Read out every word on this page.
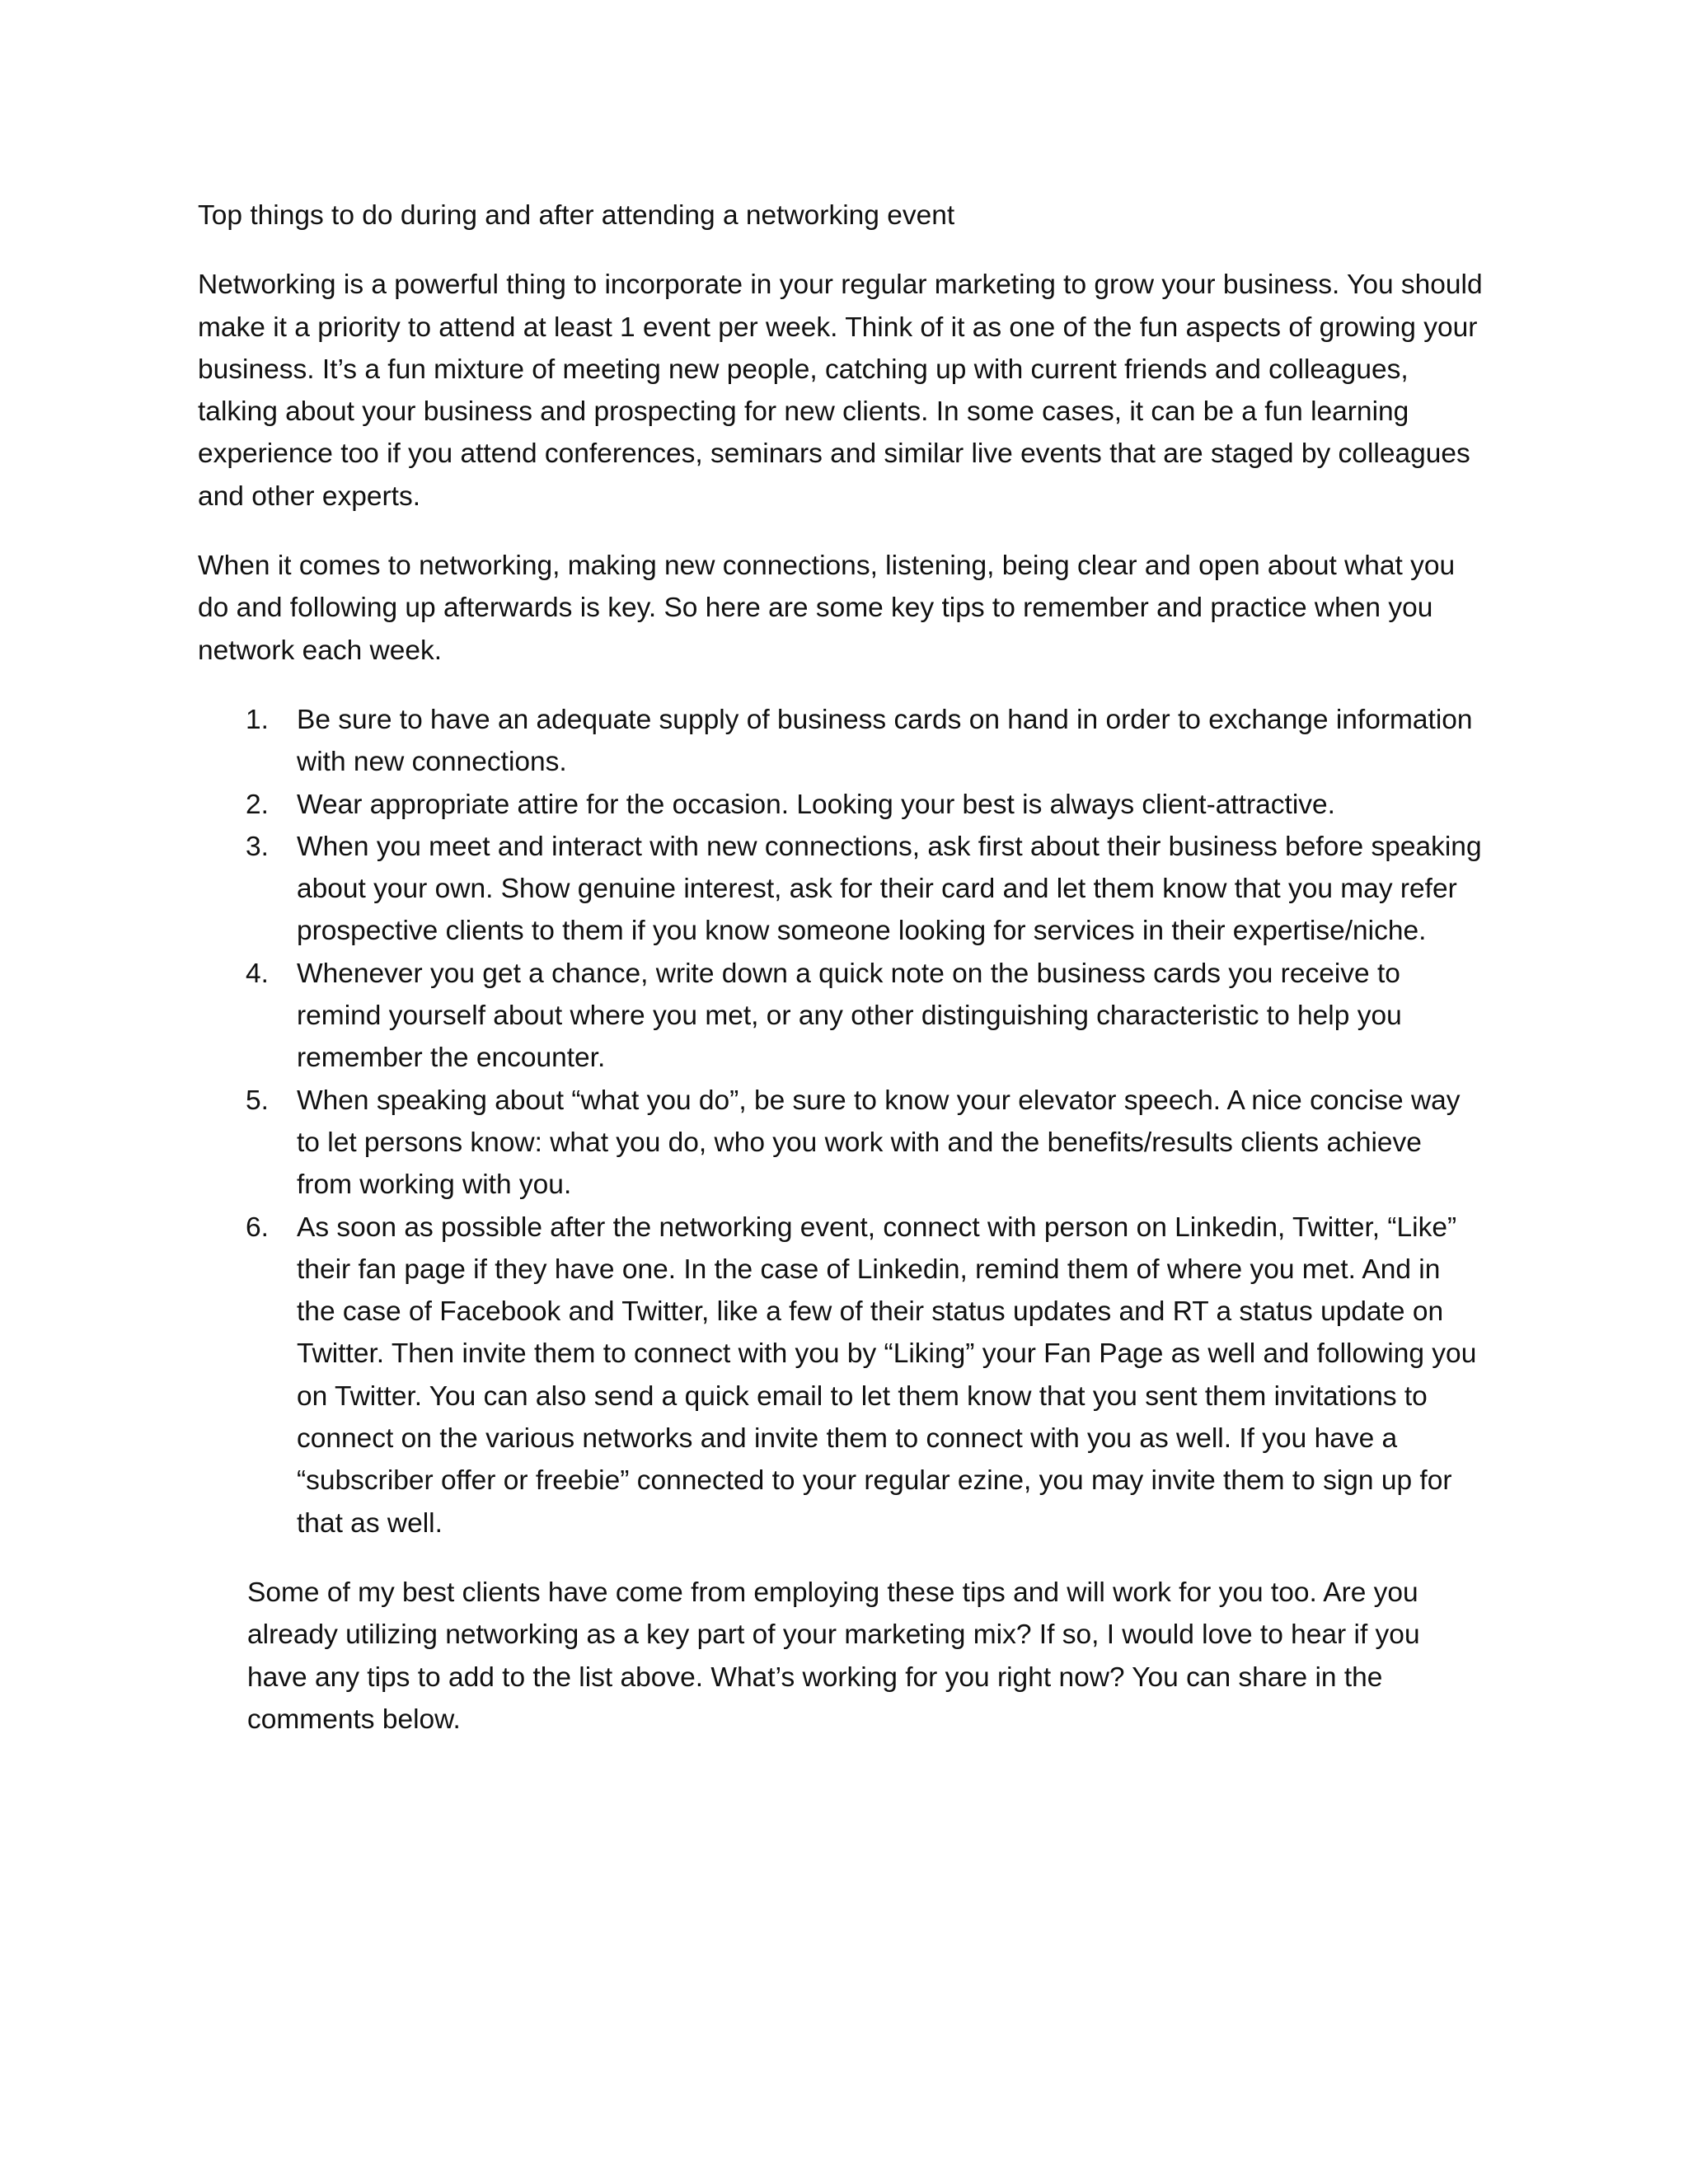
Top things to do during and after attending a networking event

Networking is a powerful thing to incorporate in your regular marketing to grow your business. You should make it a priority to attend at least 1 event per week. Think of it as one of the fun aspects of growing your business. It’s a fun mixture of meeting new people, catching up with current friends and colleagues, talking about your business and prospecting for new clients. In some cases, it can be a fun learning experience too if you attend conferences, seminars and similar live events that are staged by colleagues and other experts.

When it comes to networking, making new connections, listening, being clear and open about what you do and following up afterwards is key. So here are some key tips to remember and practice when you network each week.

1. Be sure to have an adequate supply of business cards on hand in order to exchange information with new connections.
2. Wear appropriate attire for the occasion. Looking your best is always client-attractive.
3. When you meet and interact with new connections, ask first about their business before speaking about your own. Show genuine interest, ask for their card and let them know that you may refer prospective clients to them if you know someone looking for services in their expertise/niche.
4. Whenever you get a chance, write down a quick note on the business cards you receive to remind yourself about where you met, or any other distinguishing characteristic to help you remember the encounter.
5. When speaking about “what you do”, be sure to know your elevator speech. A nice concise way to let persons know: what you do, who you work with and the benefits/results clients achieve from working with you.
6. As soon as possible after the networking event, connect with person on Linkedin, Twitter, “Like” their fan page if they have one. In the case of Linkedin, remind them of where you met. And in the case of Facebook and Twitter, like a few of their status updates and RT a status update on Twitter. Then invite them to connect with you by “Liking” your Fan Page as well and following you on Twitter. You can also send a quick email to let them know that you sent them invitations to connect on the various networks and invite them to connect with you as well. If you have a “subscriber offer or freebie” connected to your regular ezine, you may invite them to sign up for that as well.

Some of my best clients have come from employing these tips and will work for you too. Are you already utilizing networking as a key part of your marketing mix? If so, I would love to hear if you have any tips to add to the list above. What’s working for you right now? You can share in the comments below.
